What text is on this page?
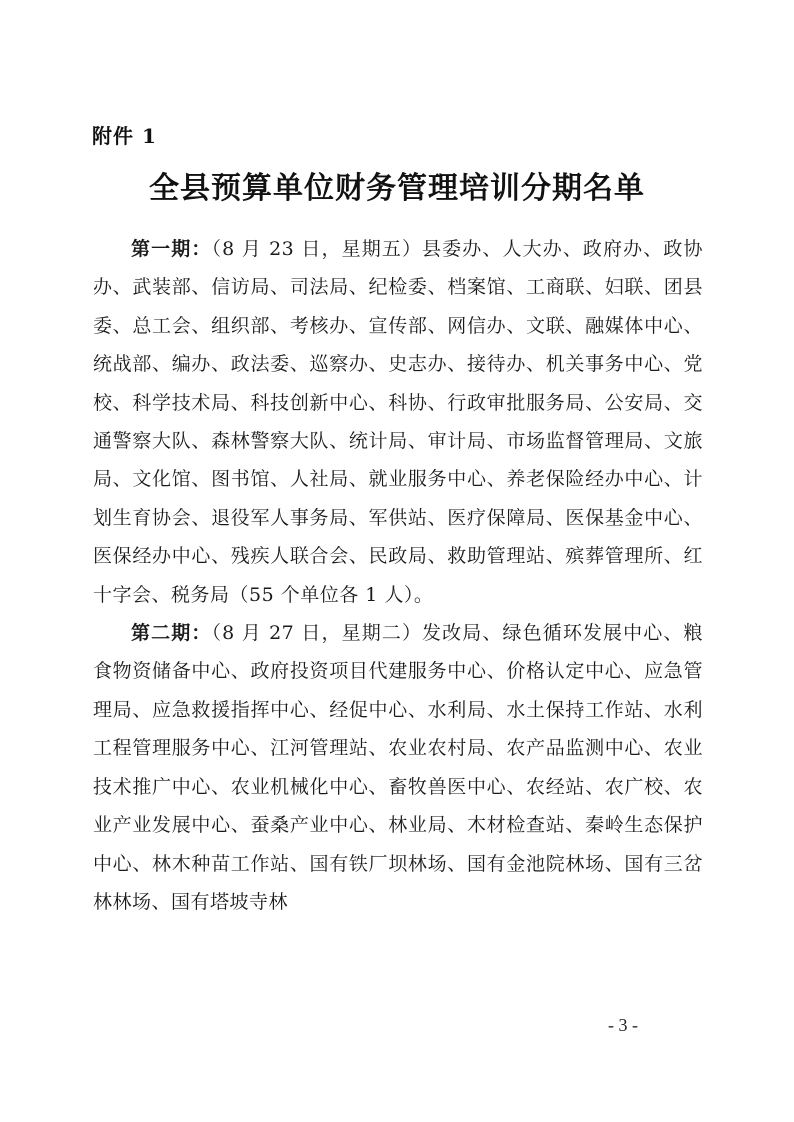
附件 1
全县预算单位财务管理培训分期名单

第一期：（8 月 23 日，星期五）县委办、人大办、政府办、政协办、武装部、信访局、司法局、纪检委、档案馆、工商联、妇联、团县委、总工会、组织部、考核办、宣传部、网信办、文联、融媒体中心、统战部、编办、政法委、巡察办、史志办、接待办、机关事务中心、党校、科学技术局、科技创新中心、科协、行政审批服务局、公安局、交通警察大队、森林警察大队、统计局、审计局、市场监督管理局、文旅局、文化馆、图书馆、人社局、就业服务中心、养老保险经办中心、计划生育协会、退役军人事务局、军供站、医疗保障局、医保基金中心、医保经办中心、残疾人联合会、民政局、救助管理站、殡葬管理所、红十字会、税务局（55 个单位各 1 人）。

第二期：（8 月 27 日，星期二）发改局、绿色循环发展中心、粮食物资储备中心、政府投资项目代建服务中心、价格认定中心、应急管理局、应急救援指挥中心、经促中心、水利局、水土保持工作站、水利工程管理服务中心、江河管理站、农业农村局、农产品监测中心、农业技术推广中心、农业机械化中心、畜牧兽医中心、农经站、农广校、农业产业发展中心、蚕桑产业中心、林业局、木材检查站、秦岭生态保护中心、林木种苗工作站、国有铁厂坝林场、国有金池院林场、国有三岔林林场、国有塔坡寺林

- 3 -
